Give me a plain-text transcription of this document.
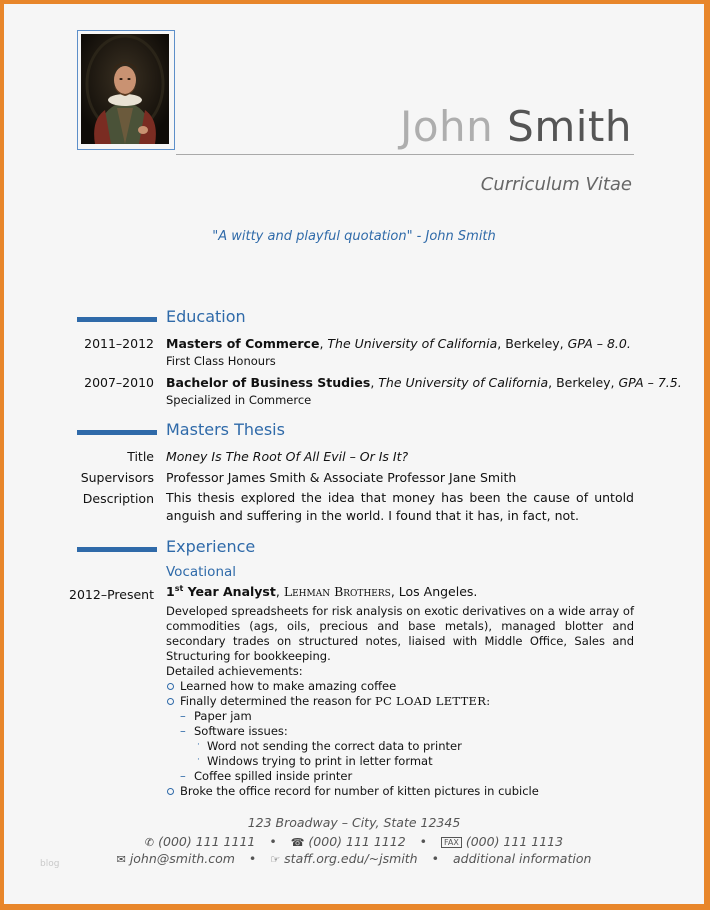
John Smith
Curriculum Vitae
"A witty and playful quotation" - John Smith
Education
2011–2012 Masters of Commerce, The University of California, Berkeley, GPA – 8.0.
First Class Honours
2007–2010 Bachelor of Business Studies, The University of California, Berkeley, GPA – 7.5.
Specialized in Commerce
Masters Thesis
Title Money Is The Root Of All Evil – Or Is It?
Supervisors Professor James Smith & Associate Professor Jane Smith
Description This thesis explored the idea that money has been the cause of untold anguish and suffering in the world. I found that it has, in fact, not.
Experience
Vocational
2012–Present 1st Year Analyst, Lehman Brothers, Los Angeles.
Developed spreadsheets for risk analysis on exotic derivatives on a wide array of commodities (ags, oils, precious and base metals), managed blotter and secondary trades on structured notes, liaised with Middle Office, Sales and Structuring for bookkeeping.
Detailed achievements:
Learned how to make amazing coffee
Finally determined the reason for PC LOAD LETTER:
– Paper jam
– Software issues:
· Word not sending the correct data to printer
· Windows trying to print in letter format
– Coffee spilled inside printer
Broke the office record for number of kitten pictures in cubicle
123 Broadway – City, State 12345
✆ (000) 111 1111 • ☎ (000) 111 1112 • FAX (000) 111 1113
✉ john@smith.com • ☞ staff.org.edu/~jsmith • additional information
blog
